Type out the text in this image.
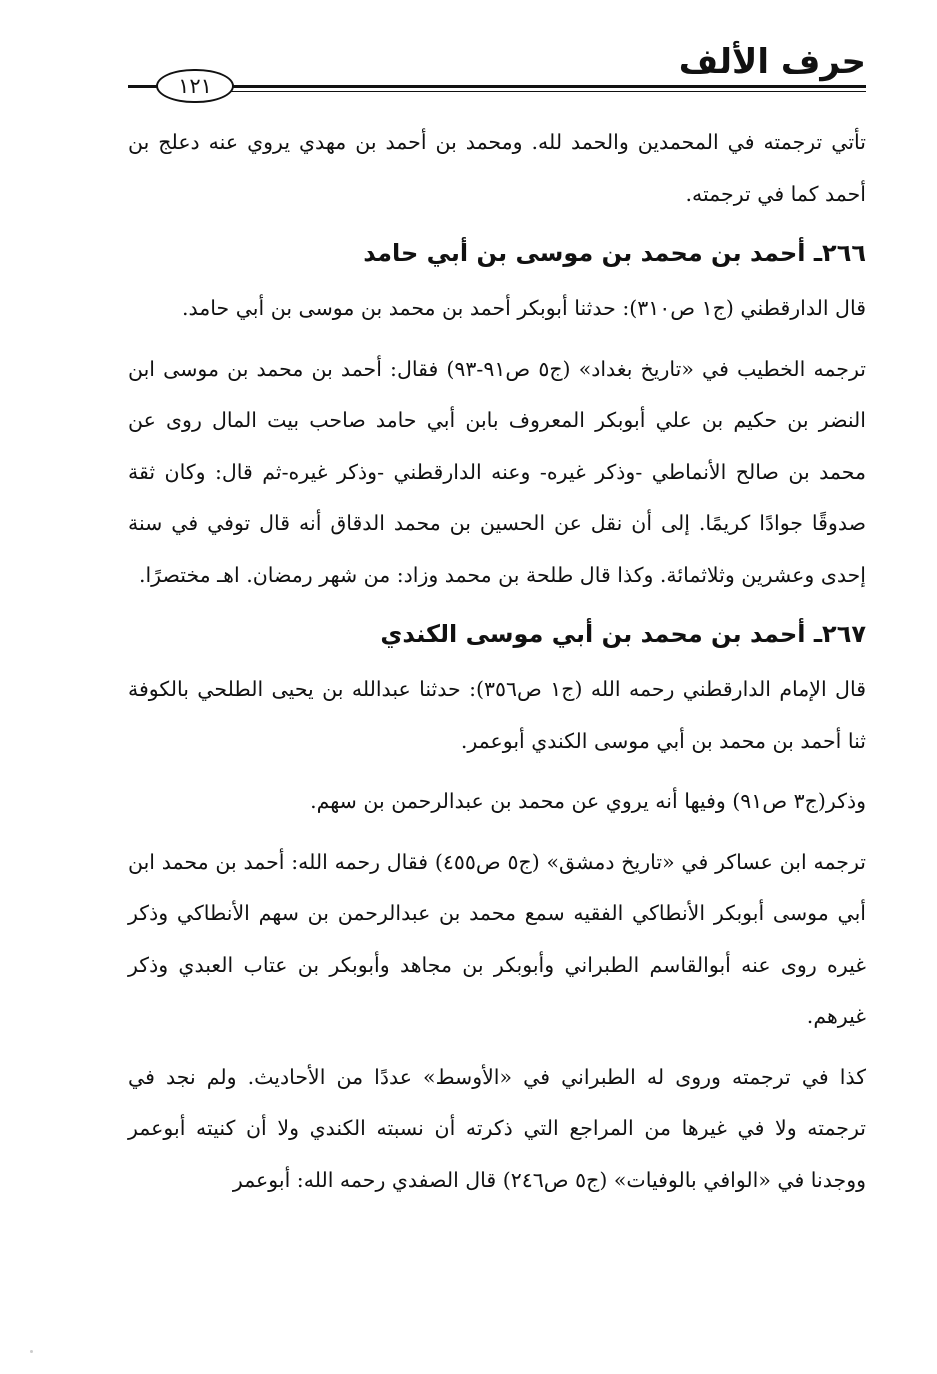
حرف الألف
١٢١

تأتي ترجمته في المحمدين والحمد لله. ومحمد بن أحمد بن مهدي يروي عنه دعلج بن أحمد كما في ترجمته.

٢٦٦ـ أحمد بن محمد بن موسى بن أبي حامد

قال الدارقطني (ج١ ص٣١٠): حدثنا أبوبكر أحمد بن محمد بن موسى بن أبي حامد.

ترجمه الخطيب في «تاريخ بغداد» (ج٥ ص٩١-٩٣) فقال: أحمد بن محمد بن موسى ابن النضر بن حكيم بن علي أبوبكر المعروف بابن أبي حامد صاحب بيت المال روى عن محمد بن صالح الأنماطي -وذكر غيره- وعنه الدارقطني -وذكر غيره-ثم قال: وكان ثقة صدوقًا جوادًا كريمًا. إلى أن نقل عن الحسين بن محمد الدقاق أنه قال توفي في سنة إحدى وعشرين وثلاثمائة. وكذا قال طلحة بن محمد وزاد: من شهر رمضان. اهـ مختصرًا.

٢٦٧ـ أحمد بن محمد بن أبي موسى الكندي

قال الإمام الدارقطني رحمه الله (ج١ ص٣٥٦): حدثنا عبدالله بن يحيى الطلحي بالكوفة ثنا أحمد بن محمد بن أبي موسى الكندي أبوعمر.

وذكر(ج٣ ص٩١) وفيها أنه يروي عن محمد بن عبدالرحمن بن سهم.

ترجمه ابن عساكر في «تاريخ دمشق» (ج٥ ص٤٥٥) فقال رحمه الله: أحمد بن محمد ابن أبي موسى أبوبكر الأنطاكي الفقيه سمع محمد بن عبدالرحمن بن سهم الأنطاكي وذكر غيره روى عنه أبوالقاسم الطبراني وأبوبكر بن مجاهد وأبوبكر بن عتاب العبدي وذكر غيرهم.

كذا في ترجمته وروى له الطبراني في «الأوسط» عددًا من الأحاديث. ولم نجد في ترجمته ولا في غيرها من المراجع التي ذكرته أن نسبته الكندي ولا أن كنيته أبوعمر ووجدنا في «الوافي بالوفيات» (ج٥ ص٢٤٦) قال الصفدي رحمه الله: أبوعمر
